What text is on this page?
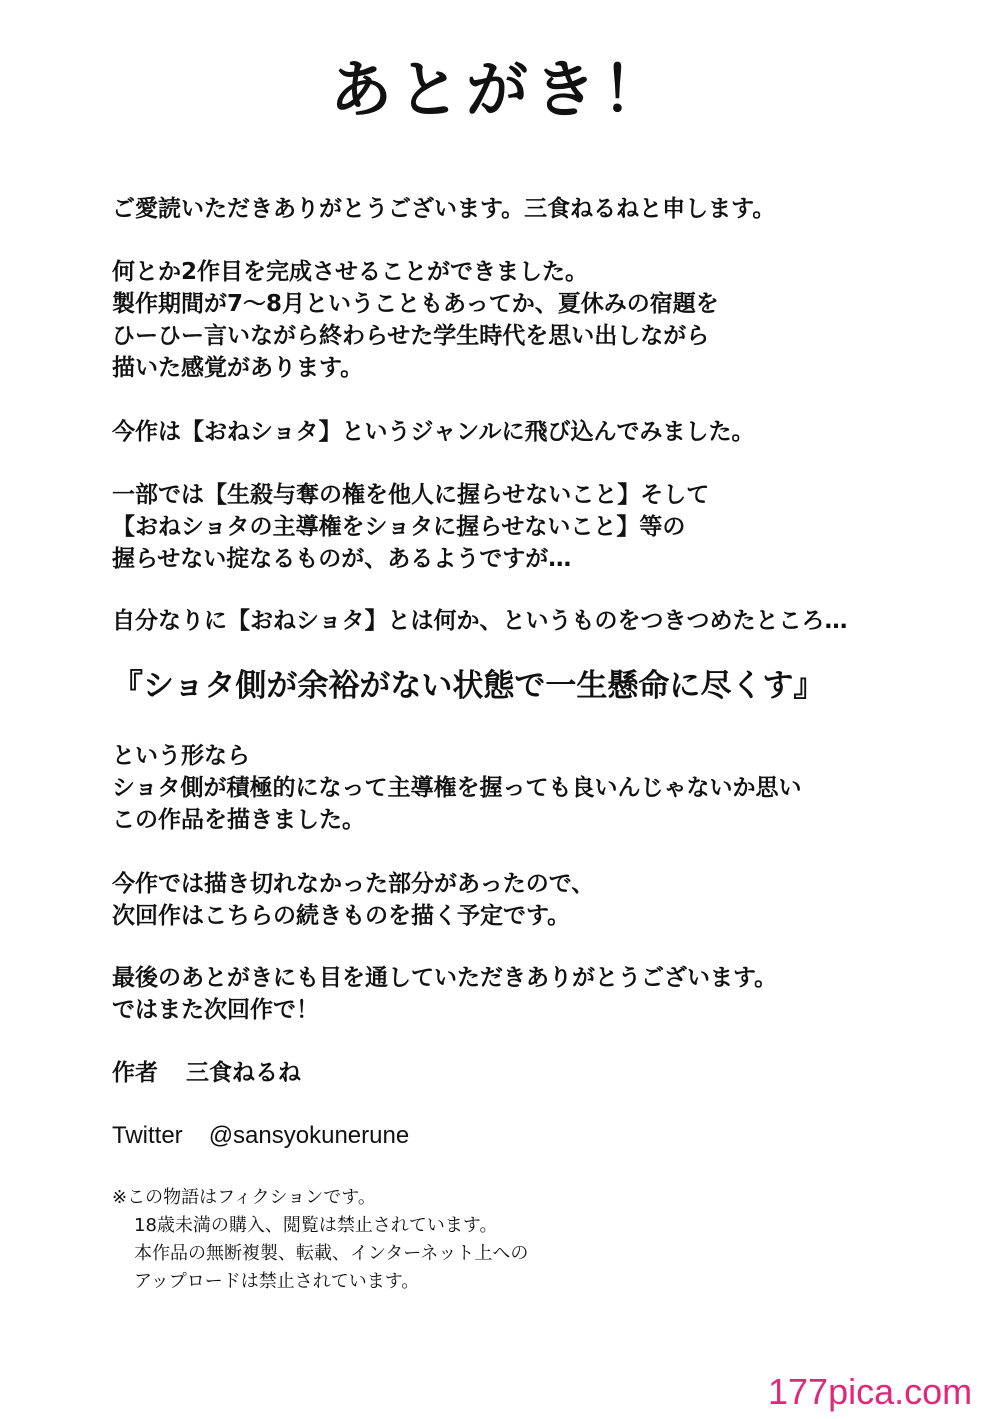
あとがき！
ご愛読いただきありがとうございます。三食ねるねと申します。
何とか2作目を完成させることができました。
製作期間が7〜8月ということもあってか、夏休みの宿題を
ひーひー言いながら終わらせた学生時代を思い出しながら
描いた感覚があります。
今作は【おねショタ】というジャンルに飛び込んでみました。
一部では【生殺与奪の権を他人に握らせないこと】そして
【おねショタの主導権をショタに握らせないこと】等の
握らせない掟なるものが、あるようですが…
自分なりに【おねショタ】とは何か、というものをつきつめたところ…
『ショタ側が余裕がない状態で一生懸命に尽くす』
という形なら
ショタ側が積極的になって主導権を握っても良いんじゃないか思い
この作品を描きました。
今作では描き切れなかった部分があったので、
次回作はこちらの続きものを描く予定です。
最後のあとがきにも目を通していただきありがとうございます。
ではまた次回作で！
作者 三食ねるね
Twitter @sansyokunerune
※この物語はフィクションです。
18歳未満の購入、閲覧は禁止されています。
本作品の無断複製、転載、インターネット上への
アップロードは禁止されています。
177pica.com
